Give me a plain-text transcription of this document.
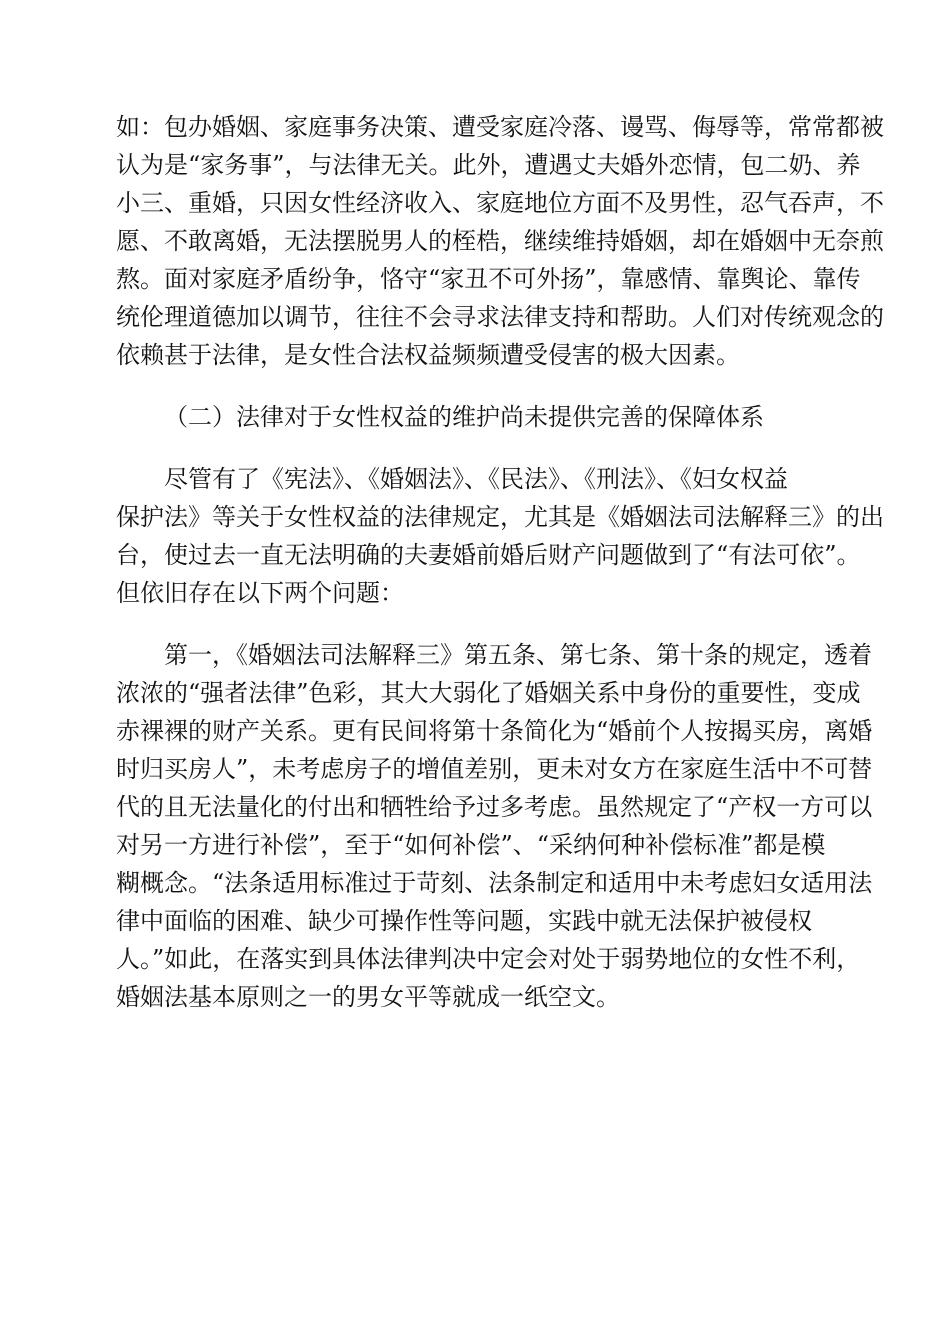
如：包办婚姻、家庭事务决策、遭受家庭冷落、谩骂、侮辱等，常常都被
认为是“家务事”，与法律无关。此外，遭遇丈夫婚外恋情，包二奶、养
小三、重婚，只因女性经济收入、家庭地位方面不及男性，忍气吞声，不
愿、不敢离婚，无法摆脱男人的桎梏，继续维持婚姻，却在婚姻中无奈煎
熬。面对家庭矛盾纷争，恪守“家丑不可外扬”，靠感情、靠舆论、靠传
统伦理道德加以调节，往往不会寻求法律支持和帮助。人们对传统观念的
依赖甚于法律，是女性合法权益频频遭受侵害的极大因素。
（二）法律对于女性权益的维护尚未提供完善的保障体系
尽管有了《宪法》、《婚姻法》、《民法》、《刑法》、《妇女权益
保护法》等关于女性权益的法律规定，尤其是《婚姻法司法解释三》的出
台，使过去一直无法明确的夫妻婚前婚后财产问题做到了“有法可依”。
但依旧存在以下两个问题：
第一，《婚姻法司法解释三》第五条、第七条、第十条的规定，透着
浓浓的“强者法律”色彩，其大大弱化了婚姻关系中身份的重要性，变成
赤裸裸的财产关系。更有民间将第十条简化为“婚前个人按揭买房，离婚
时归买房人”，未考虑房子的增值差别，更未对女方在家庭生活中不可替
代的且无法量化的付出和牺牲给予过多考虑。虽然规定了“产权一方可以
对另一方进行补偿”，至于“如何补偿”、“采纳何种补偿标准”都是模
糊概念。“法条适用标准过于苛刻、法条制定和适用中未考虑妇女适用法
律中面临的困难、缺少可操作性等问题，实践中就无法保护被侵权
人。”如此，在落实到具体法律判决中定会对处于弱势地位的女性不利，
婚姻法基本原则之一的男女平等就成一纸空文。
